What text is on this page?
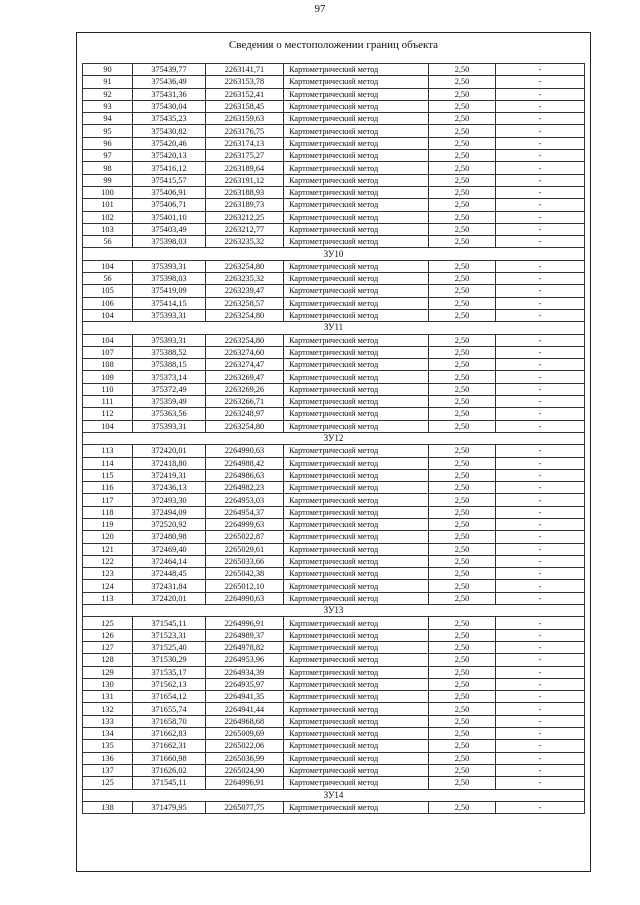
97
Сведения о местоположении границ объекта
90	375439,77	2263141,71	Картометрический метод	2,50	-
91	375436,49	2263153,78	Картометрический метод	2,50	-
92	375431,36	2263152,41	Картометрический метод	2,50	-
93	375430,04	2263158,45	Картометрический метод	2,50	-
94	375435,23	2263159,63	Картометрический метод	2,50	-
95	375430,82	2263176,75	Картометрический метод	2,50	-
96	375420,46	2263174,13	Картометрический метод	2,50	-
97	375420,13	2263175,27	Картометрический метод	2,50	-
98	375416,12	2263189,64	Картометрический метод	2,50	-
99	375415,57	2263191,12	Картометрический метод	2,50	-
100	375406,91	2263188,93	Картометрический метод	2,50	-
101	375406,71	2263189,73	Картометрический метод	2,50	-
102	375401,10	2263212,25	Картометрический метод	2,50	-
103	375403,49	2263212,77	Картометрический метод	2,50	-
56	375398,03	2263235,32	Картометрический метод	2,50	-
ЗУ10					
104	375393,31	2263254,80	Картометрический метод	2,50	-
56	375398,03	2263235,32	Картометрический метод	2,50	-
105	375419,09	2263239,47	Картометрический метод	2,50	-
106	375414,15	2263258,57	Картометрический метод	2,50	-
104	375393,31	2263254,80	Картометрический метод	2,50	-
ЗУ11					
104	375393,31	2263254,80	Картометрический метод	2,50	-
107	375388,52	2263274,60	Картометрический метод	2,50	-
108	375388,15	2263274,47	Картометрический метод	2,50	-
109	375373,14	2263269,47	Картометрический метод	2,50	-
110	375372,49	2263269,26	Картометрический метод	2,50	-
111	375359,49	2263266,71	Картометрический метод	2,50	-
112	375363,56	2263248,97	Картометрический метод	2,50	-
104	375393,31	2263254,80	Картометрический метод	2,50	-
ЗУ12					
113	372420,01	2264990,63	Картометрический метод	2,50	-
114	372418,80	2264988,42	Картометрический метод	2,50	-
115	372419,31	2264986,63	Картометрический метод	2,50	-
116	372436,13	2264982,23	Картометрический метод	2,50	-
117	372493,30	2264953,03	Картометрический метод	2,50	-
118	372494,09	2264954,37	Картометрический метод	2,50	-
119	372520,92	2264999,63	Картометрический метод	2,50	-
120	372480,98	2265022,87	Картометрический метод	2,50	-
121	372469,40	2265029,61	Картометрический метод	2,50	-
122	372464,14	2265033,66	Картометрический метод	2,50	-
123	372448,45	2265042,38	Картометрический метод	2,50	-
124	372431,84	2265012,10	Картометрический метод	2,50	-
113	372420,01	2264990,63	Картометрический метод	2,50	-
ЗУ13					
125	371545,11	2264996,91	Картометрический метод	2,50	-
126	371523,31	2264989,37	Картометрический метод	2,50	-
127	371525,40	2264978,82	Картометрический метод	2,50	-
128	371530,29	2264953,96	Картометрический метод	2,50	-
129	371535,17	2264934,39	Картометрический метод	2,50	-
130	371562,13	2264935,97	Картометрический метод	2,50	-
131	371654,12	2264941,35	Картометрический метод	2,50	-
132	371655,74	2264941,44	Картометрический метод	2,50	-
133	371658,70	2264968,68	Картометрический метод	2,50	-
134	371662,83	2265009,69	Картометрический метод	2,50	-
135	371662,31	2265022,06	Картометрический метод	2,50	-
136	371660,98	2265036,99	Картометрический метод	2,50	-
137	371626,02	2265024,90	Картометрический метод	2,50	-
125	371545,11	2264996,91	Картометрический метод	2,50	-
ЗУ14					
138	371479,95	2265077,75	Картометрический метод	2,50	-
